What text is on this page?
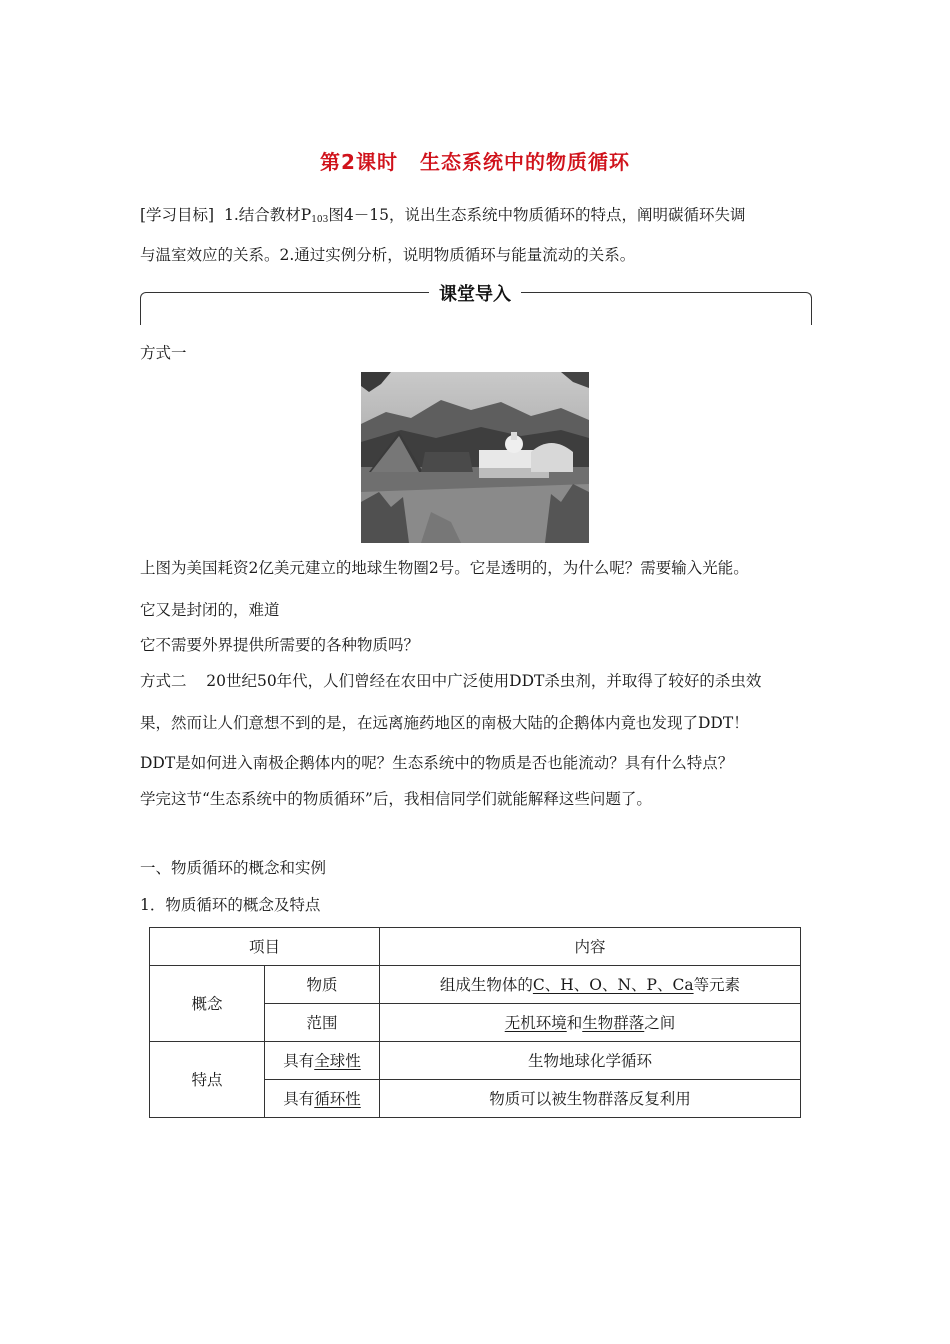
第2课时 生态系统中的物质循环
[学习目标] 1.结合教材$P_{103}$图4－15，说出生态系统中物质循环的特点，阐明碳循环失调
与温室效应的关系。2.通过实例分析，说明物质循环与能量流动的关系。
课堂导入
方式一
上图为美国耗资2亿美元建立的地球生物圈2号。它是透明的，为什么呢？需要输入光能。
它又是封闭的，难道
它不需要外界提供所需要的各种物质吗？
方式二 20世纪50年代，人们曾经在农田中广泛使用DDT杀虫剂，并取得了较好的杀虫效
果，然而让人们意想不到的是，在远离施药地区的南极大陆的企鹅体内竟也发现了DDT！
DDT是如何进入南极企鹅体内的呢？生态系统中的物质是否也能流动？具有什么特点？
学完这节“生态系统中的物质循环”后，我相信同学们就能解释这些问题了。
一、物质循环的概念和实例
1．物质循环的概念及特点
项目		内容
概念	物质	组成生物体的C、H、O、N、P、Ca等元素
	范围	无机环境和生物群落之间
特点	具有全球性	生物地球化学循环
	具有循环性	物质可以被生物群落反复利用
